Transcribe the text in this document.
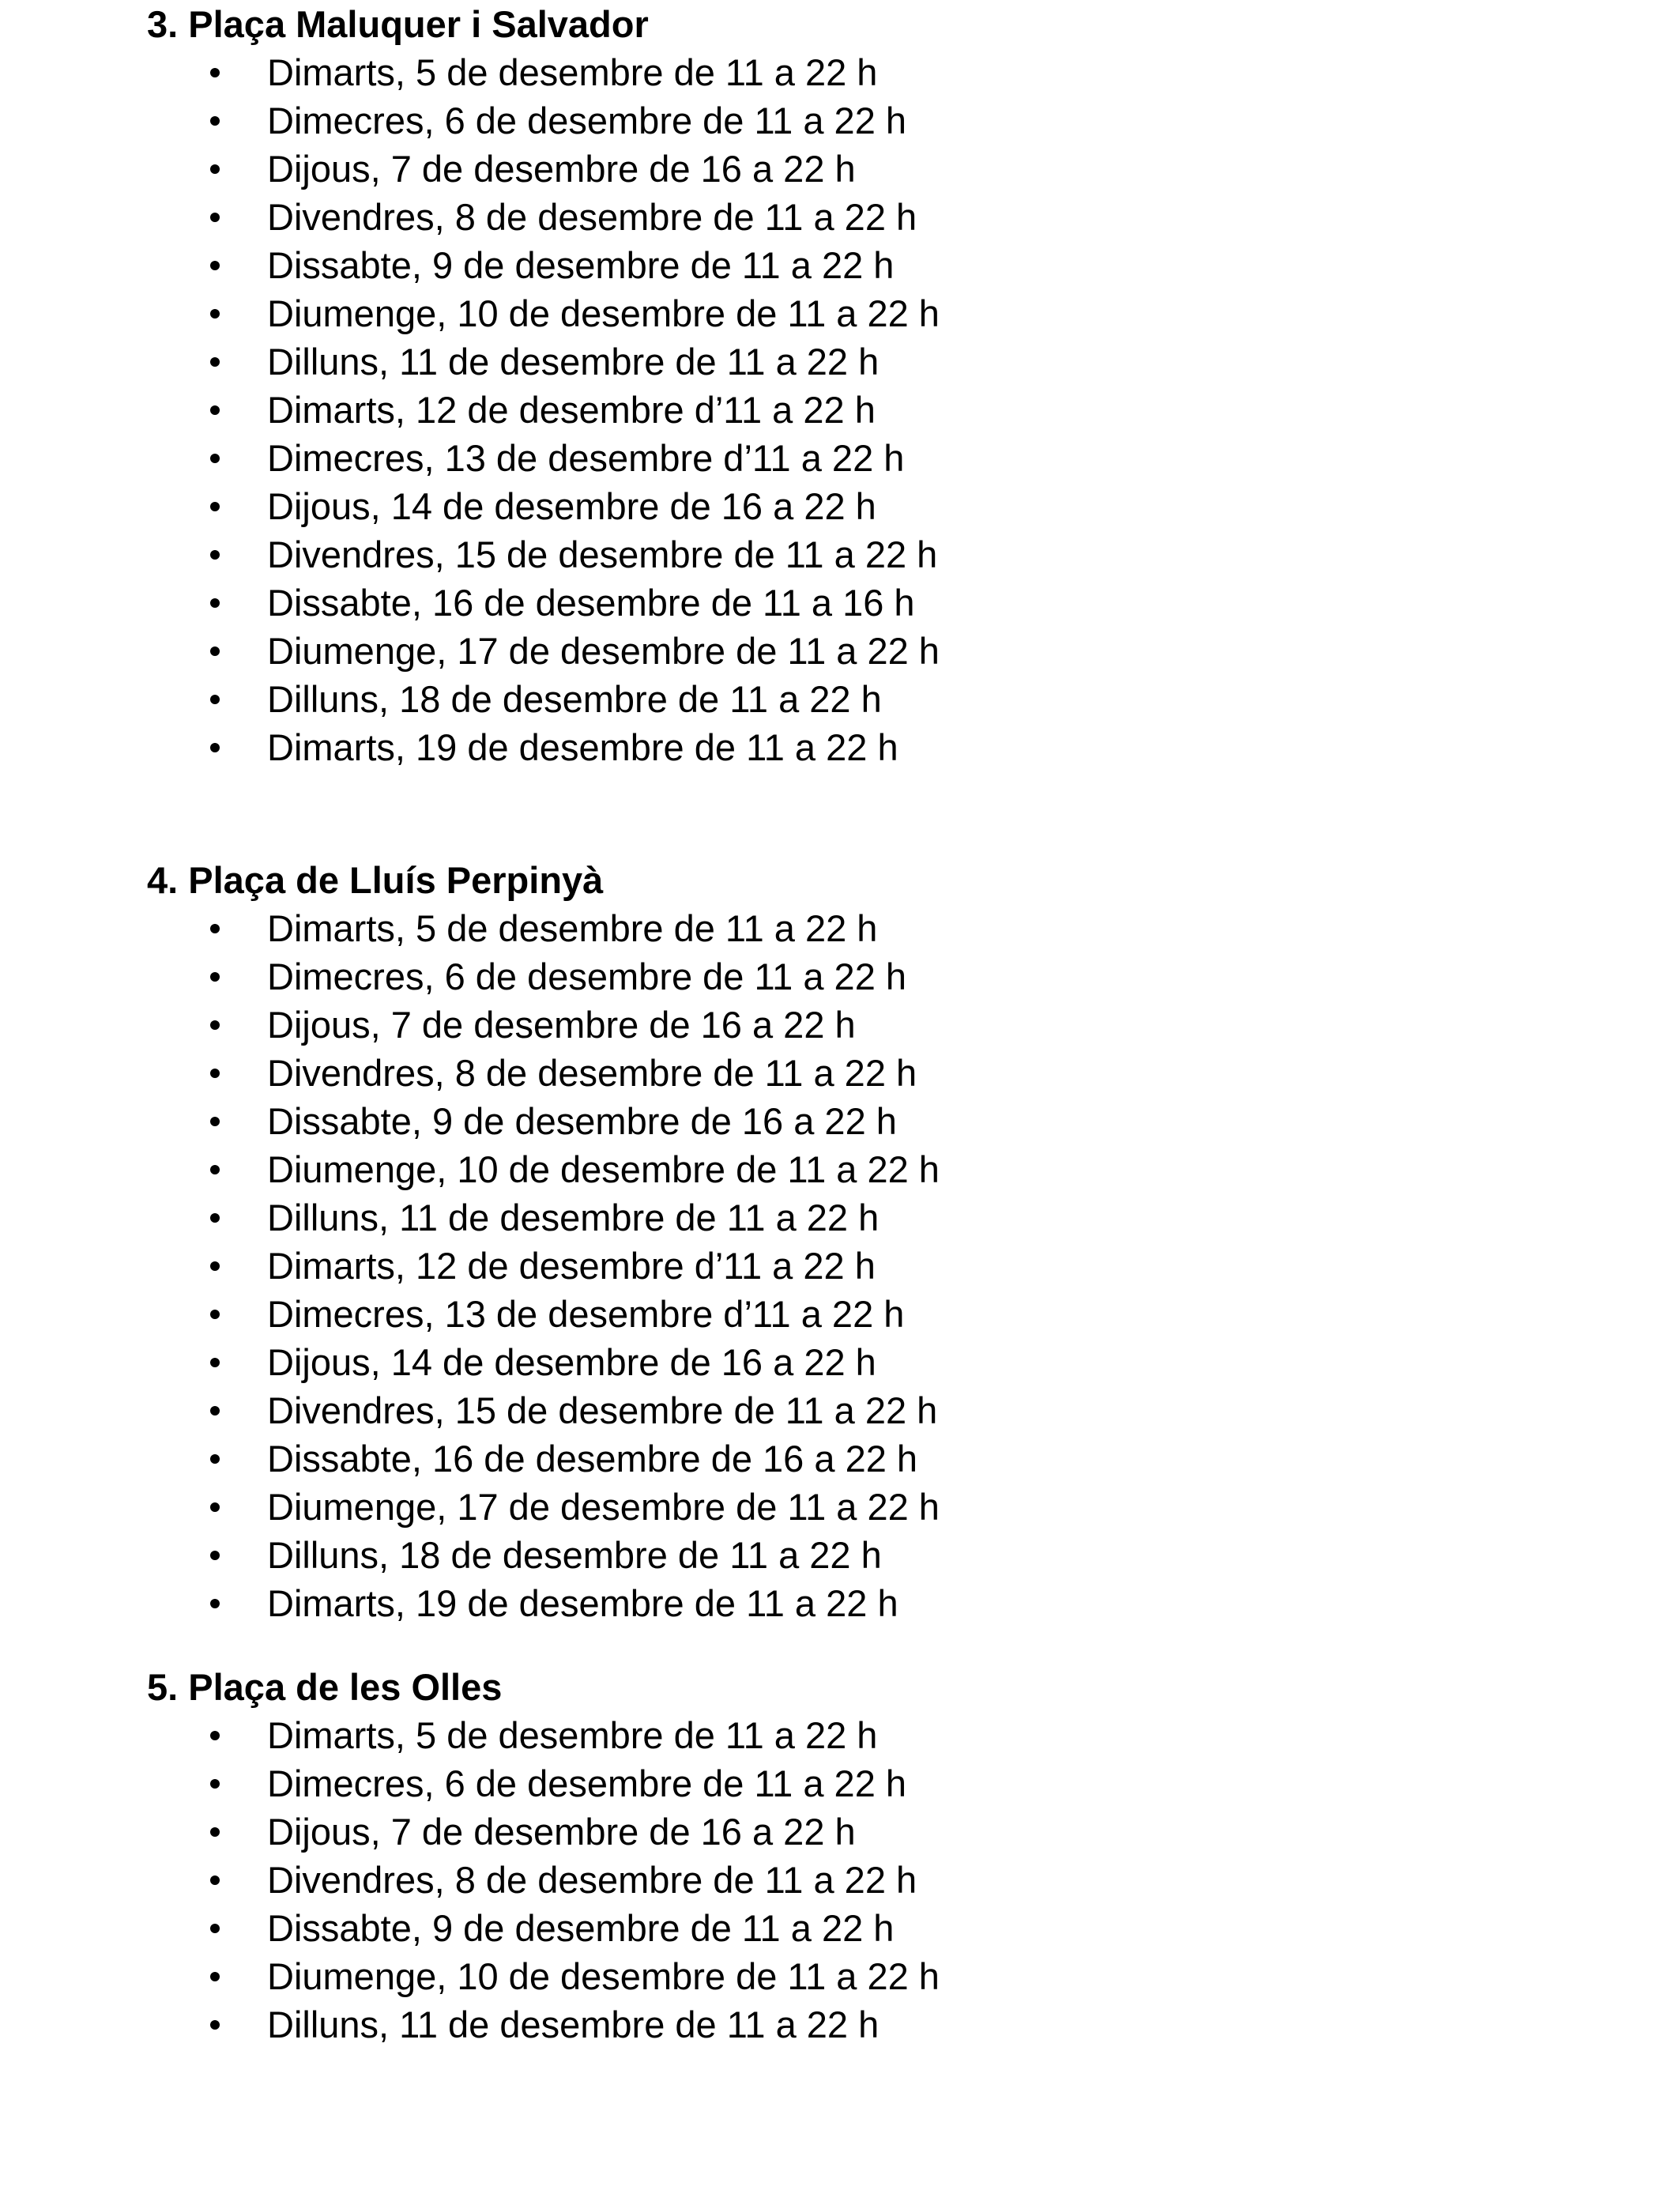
3. Plaça Maluquer i Salvador
Dimarts, 5 de desembre de 11 a 22 h
Dimecres, 6 de desembre de 11 a 22 h
Dijous, 7 de desembre de 16 a 22 h
Divendres, 8 de desembre de 11 a 22 h
Dissabte, 9 de desembre de 11 a 22 h
Diumenge, 10 de desembre de 11 a 22 h
Dilluns, 11 de desembre de 11 a 22 h
Dimarts, 12 de desembre d’11 a 22 h
Dimecres, 13 de desembre d’11 a 22 h
Dijous, 14 de desembre de 16 a 22 h
Divendres, 15 de desembre de 11 a 22 h
Dissabte, 16 de desembre de 11 a 16 h
Diumenge, 17 de desembre de 11 a 22 h
Dilluns, 18 de desembre de 11 a 22 h
Dimarts, 19 de desembre de 11 a 22 h
4. Plaça de Lluís Perpinyà
Dimarts, 5 de desembre de 11 a 22 h
Dimecres, 6 de desembre de 11 a 22 h
Dijous, 7 de desembre de 16 a 22 h
Divendres, 8 de desembre de 11 a 22 h
Dissabte, 9 de desembre de 16 a 22 h
Diumenge, 10 de desembre de 11 a 22 h
Dilluns, 11 de desembre de 11 a 22 h
Dimarts, 12 de desembre d’11 a 22 h
Dimecres, 13 de desembre d’11 a 22 h
Dijous, 14 de desembre de 16 a 22 h
Divendres, 15 de desembre de 11 a 22 h
Dissabte, 16 de desembre de 16 a 22 h
Diumenge, 17 de desembre de 11 a 22 h
Dilluns, 18 de desembre de 11 a 22 h
Dimarts, 19 de desembre de 11 a 22 h
5. Plaça de les Olles
Dimarts, 5 de desembre de 11 a 22 h
Dimecres, 6 de desembre de 11 a 22 h
Dijous, 7 de desembre de 16 a 22 h
Divendres, 8 de desembre de 11 a 22 h
Dissabte, 9 de desembre de 11 a 22 h
Diumenge, 10 de desembre de 11 a 22 h
Dilluns, 11 de desembre de 11 a 22 h
